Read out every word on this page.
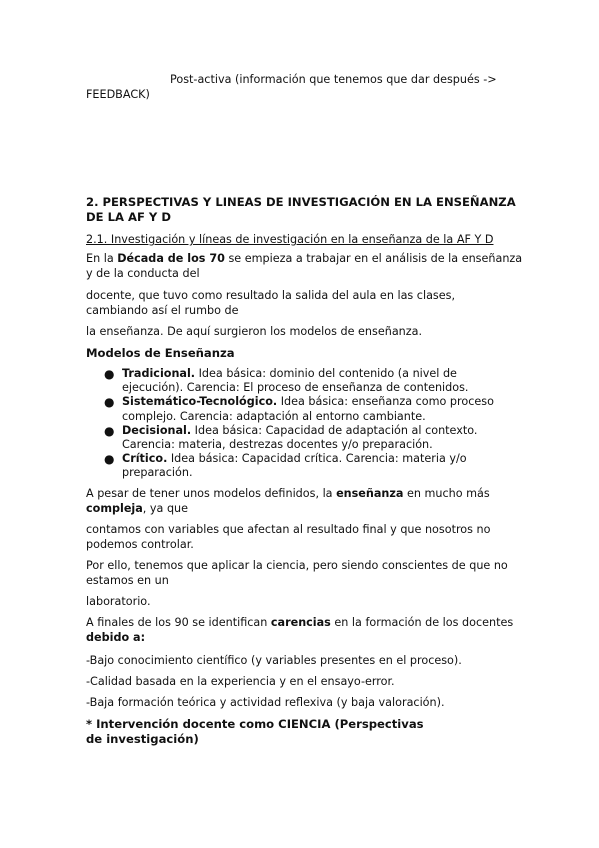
Post-activa (información que tenemos que dar después ->
FEEDBACK)
2. PERSPECTIVAS Y LINEAS DE INVESTIGACIÓN EN LA ENSEÑANZA
DE LA AF Y D
2.1. Investigación y líneas de investigación en la enseñanza de la AF Y D
En la Década de los 70 se empieza a trabajar en el análisis de la enseñanza y de la conducta del
docente, que tuvo como resultado la salida del aula en las clases, cambiando así el rumbo de
la enseñanza. De aquí surgieron los modelos de enseñanza.
Modelos de Enseñanza
● Tradicional. Idea básica: dominio del contenido (a nivel de ejecución). Carencia: El proceso de enseñanza de contenidos.
● Sistemático-Tecnológico. Idea básica: enseñanza como proceso complejo. Carencia: adaptación al entorno cambiante.
● Decisional. Idea básica: Capacidad de adaptación al contexto. Carencia: materia, destrezas docentes y/o preparación.
● Crítico. Idea básica: Capacidad crítica. Carencia: materia y/o preparación.
A pesar de tener unos modelos definidos, la enseñanza en mucho más compleja, ya que
contamos con variables que afectan al resultado final y que nosotros no podemos controlar.
Por ello, tenemos que aplicar la ciencia, pero siendo conscientes de que no estamos en un
laboratorio.
A finales de los 90 se identifican carencias en la formación de los docentes debido a:
-Bajo conocimiento científico (y variables presentes en el proceso).
-Calidad basada en la experiencia y en el ensayo-error.
-Baja formación teórica y actividad reflexiva (y baja valoración).
* Intervención docente como CIENCIA (Perspectivas de investigación)
